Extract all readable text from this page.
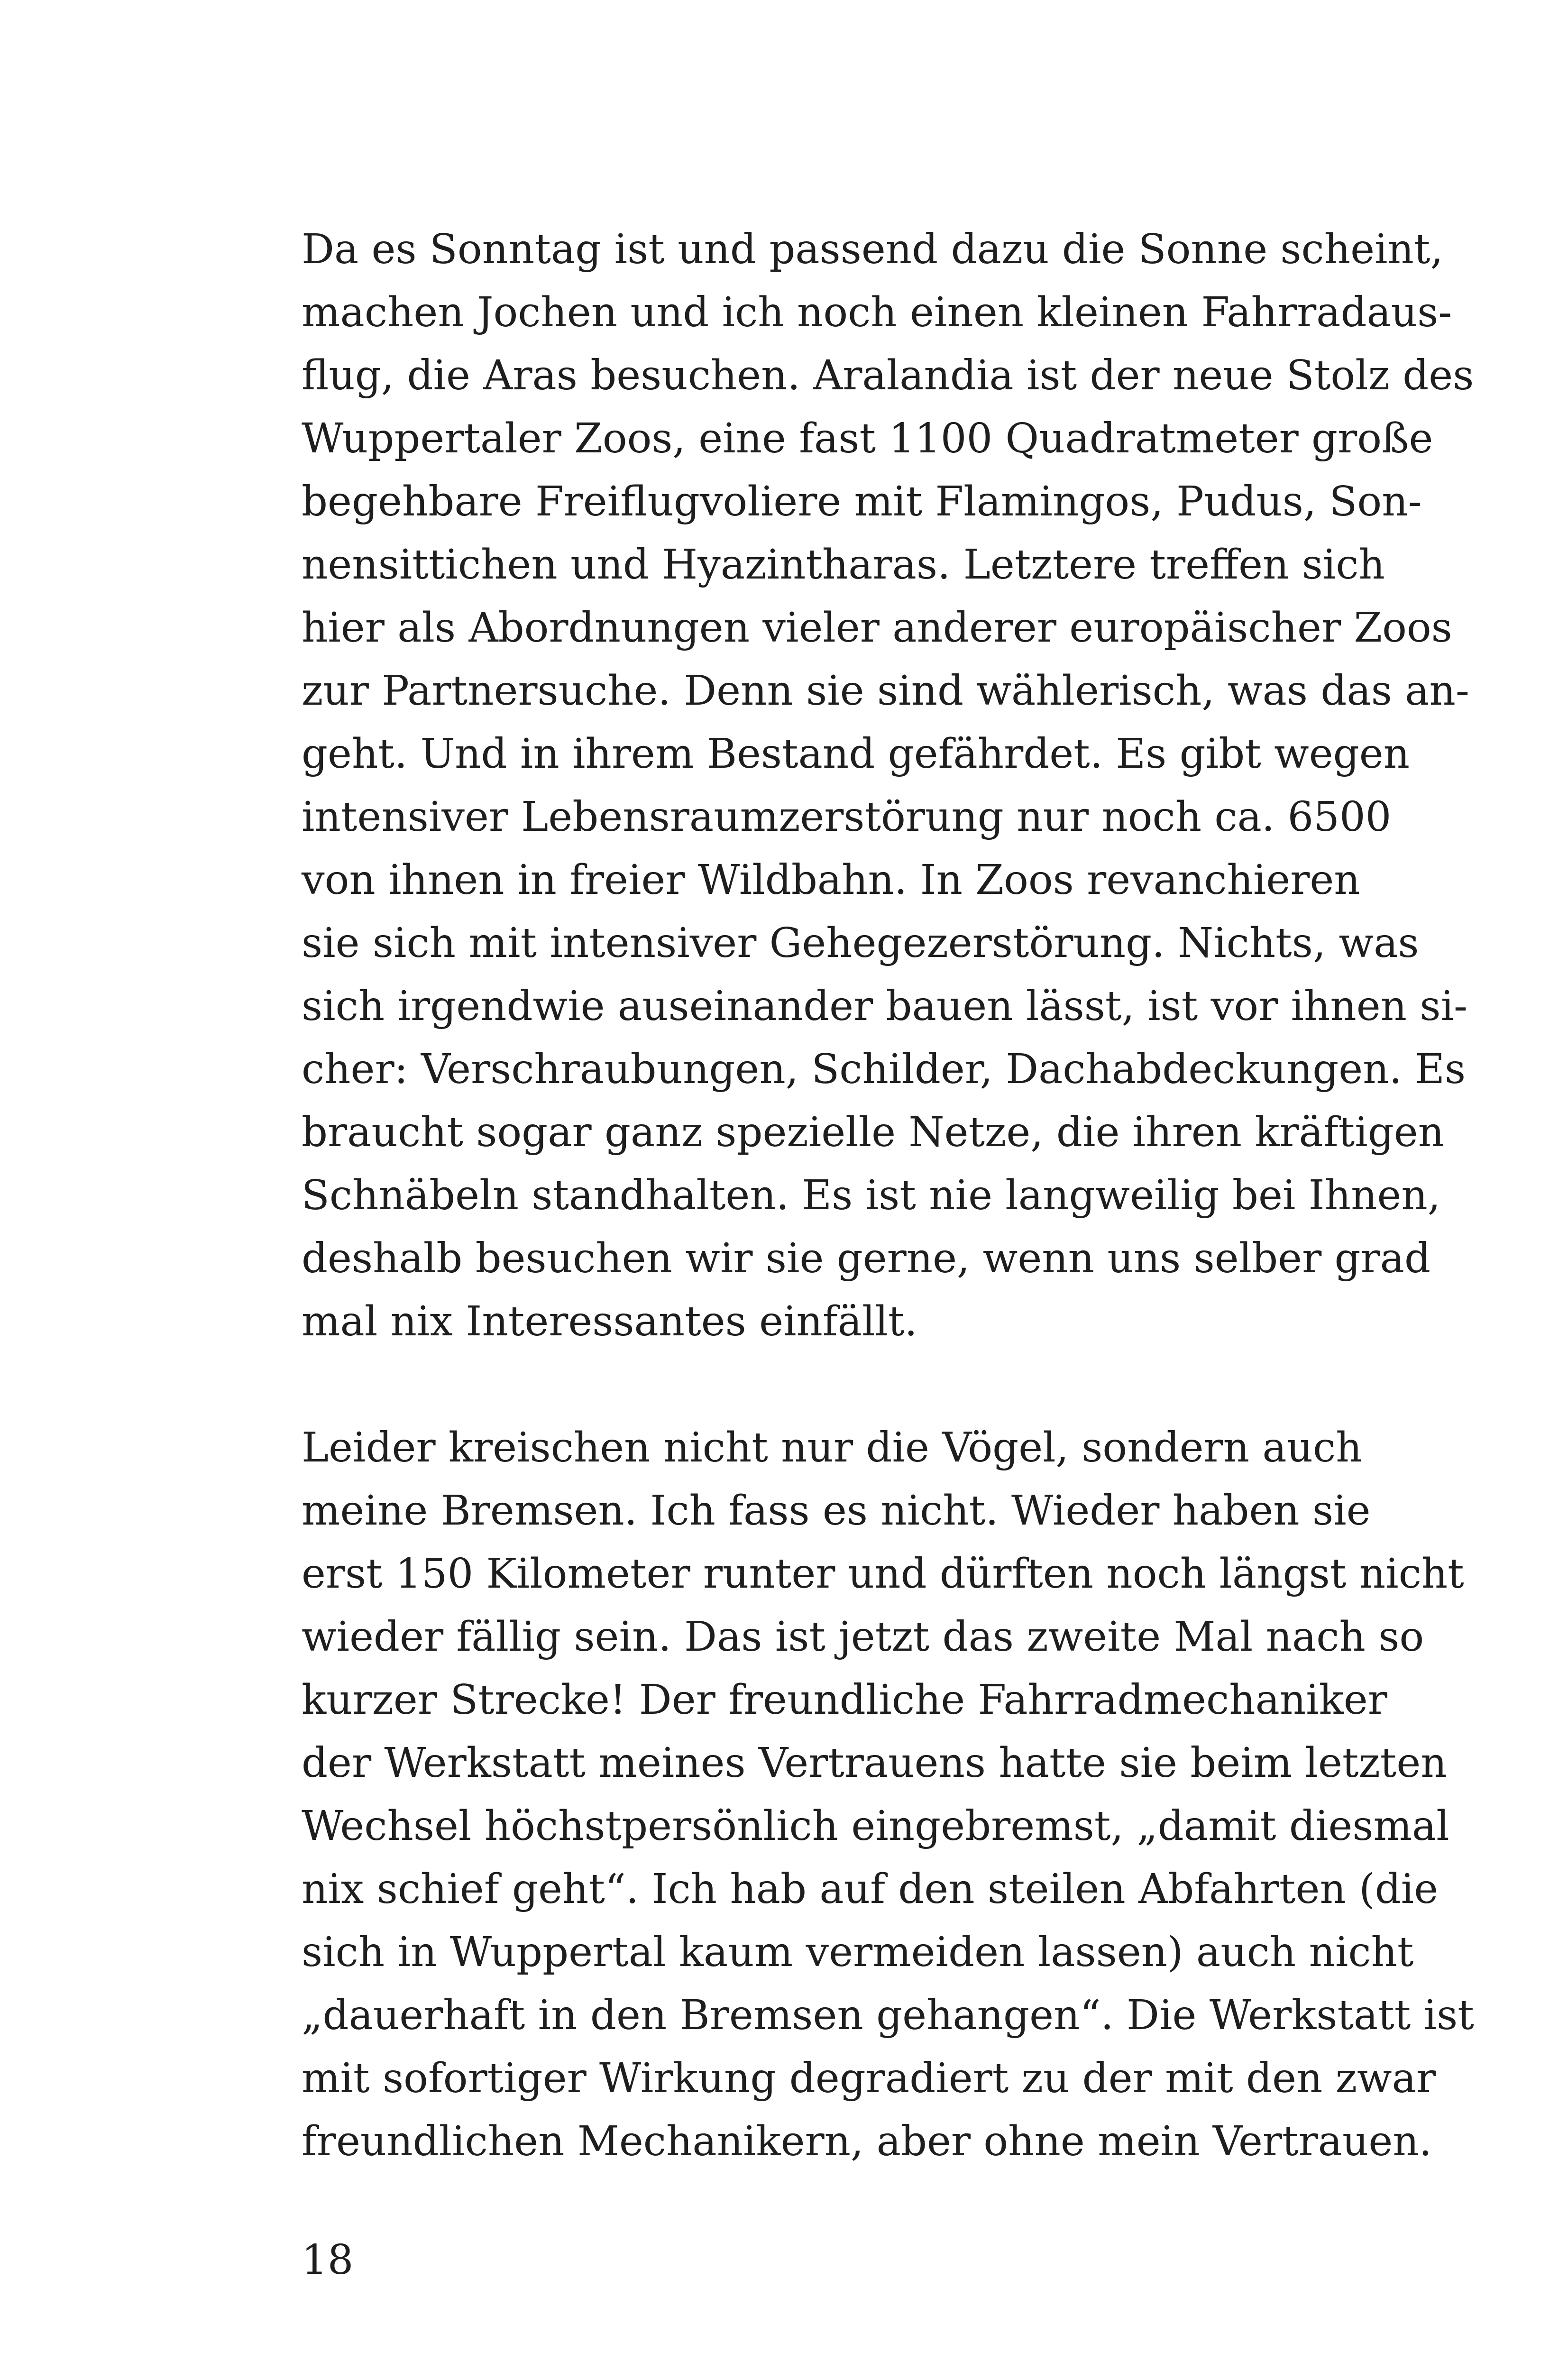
Da es Sonntag ist und passend dazu die Sonne scheint,
machen Jochen und ich noch einen kleinen Fahrradaus-
flug, die Aras besuchen. Aralandia ist der neue Stolz des
Wuppertaler Zoos, eine fast 1100 Quadratmeter große
begehbare Freiflugvoliere mit Flamingos, Pudus, Son-
nensittichen und Hyazintharas. Letztere treffen sich
hier als Abordnungen vieler anderer europäischer Zoos
zur Partnersuche. Denn sie sind wählerisch, was das an-
geht. Und in ihrem Bestand gefährdet. Es gibt wegen
intensiver Lebensraumzerstörung nur noch ca. 6500
von ihnen in freier Wildbahn. In Zoos revanchieren
sie sich mit intensiver Gehegezerstörung. Nichts, was
sich irgendwie auseinander bauen lässt, ist vor ihnen si-
cher: Verschraubungen, Schilder, Dachabdeckungen. Es
braucht sogar ganz spezielle Netze, die ihren kräftigen
Schnäbeln standhalten. Es ist nie langweilig bei Ihnen,
deshalb besuchen wir sie gerne, wenn uns selber grad
mal nix Interessantes einfällt.

Leider kreischen nicht nur die Vögel, sondern auch
meine Bremsen. Ich fass es nicht. Wieder haben sie
erst 150 Kilometer runter und dürften noch längst nicht
wieder fällig sein. Das ist jetzt das zweite Mal nach so
kurzer Strecke! Der freundliche Fahrradmechaniker
der Werkstatt meines Vertrauens hatte sie beim letzten
Wechsel höchstpersönlich eingebremst, „damit diesmal
nix schief geht“. Ich hab auf den steilen Abfahrten (die
sich in Wuppertal kaum vermeiden lassen) auch nicht
„dauerhaft in den Bremsen gehangen“. Die Werkstatt ist
mit sofortiger Wirkung degradiert zu der mit den zwar
freundlichen Mechanikern, aber ohne mein Vertrauen.

18
